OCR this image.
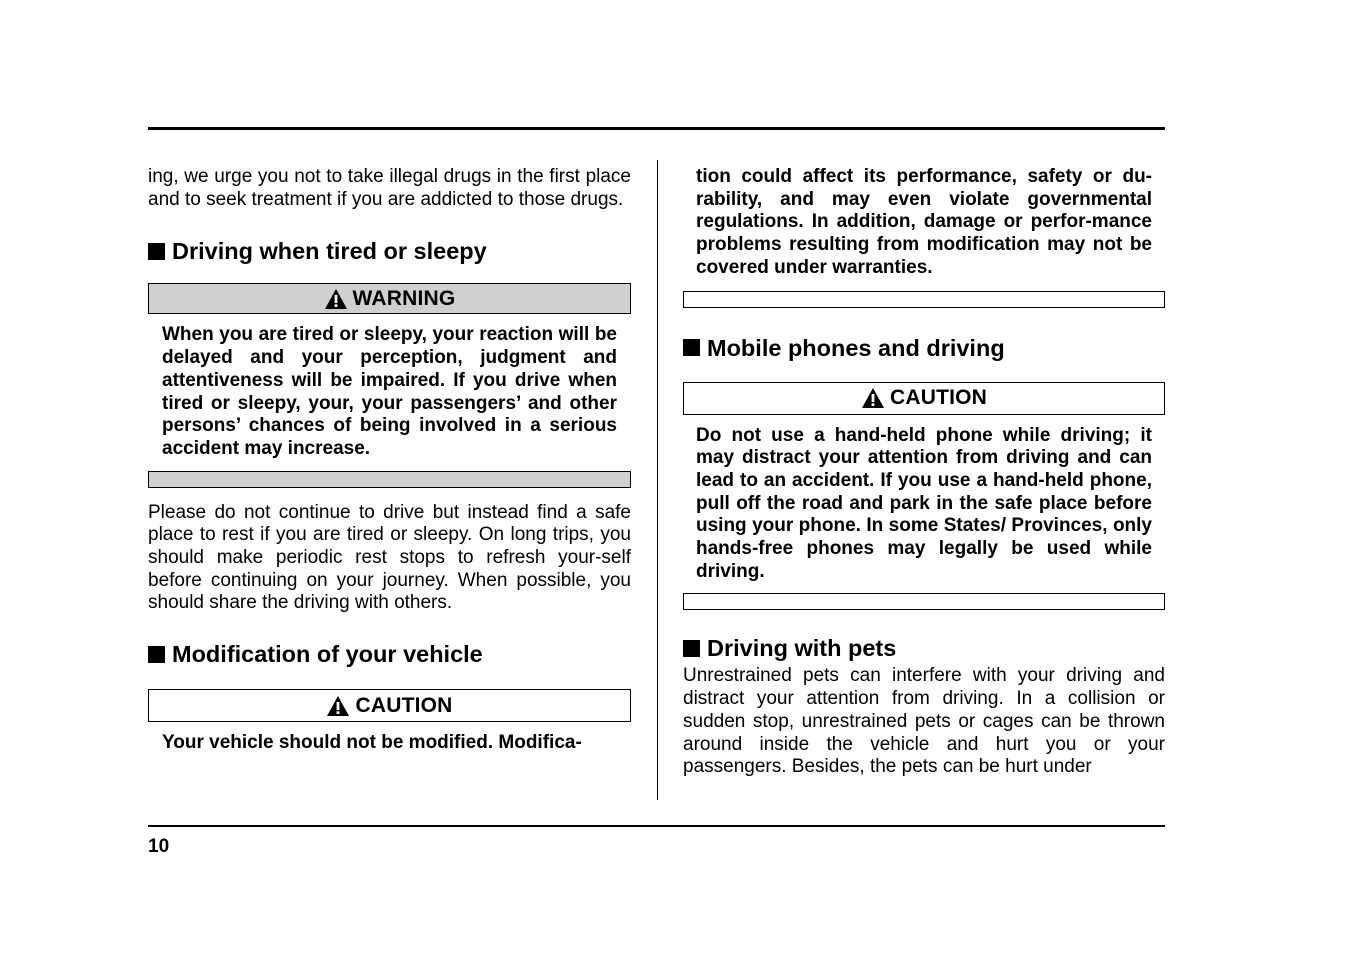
ing, we urge you not to take illegal drugs in the first place and to seek treatment if you are addicted to those drugs.

Driving when tired or sleepy
WARNING

When you are tired or sleepy, your reaction will be delayed and your perception, judgment and attentiveness will be impaired. If you drive when tired or sleepy, your, your passengers’ and other persons’ chances of being involved in a serious accident may increase.

Please do not continue to drive but instead find a safe place to rest if you are tired or sleepy. On long trips, you should make periodic rest stops to refresh your-self before continuing on your journey. When possible, you should share the driving with others.

Modification of your vehicle
CAUTION

Your vehicle should not be modified. Modifica-

tion could affect its performance, safety or du-rability, and may even violate governmental regulations. In addition, damage or perfor-mance problems resulting from modification may not be covered under warranties.

Mobile phones and driving
CAUTION

Do not use a hand-held phone while driving; it may distract your attention from driving and can lead to an accident. If you use a hand-held phone, pull off the road and park in the safe place before using your phone. In some States/ Provinces, only hands-free phones may legally be used while driving.

Driving with pets

Unrestrained pets can interfere with your driving and distract your attention from driving. In a collision or sudden stop, unrestrained pets or cages can be thrown around inside the vehicle and hurt you or your passengers. Besides, the pets can be hurt under

10
